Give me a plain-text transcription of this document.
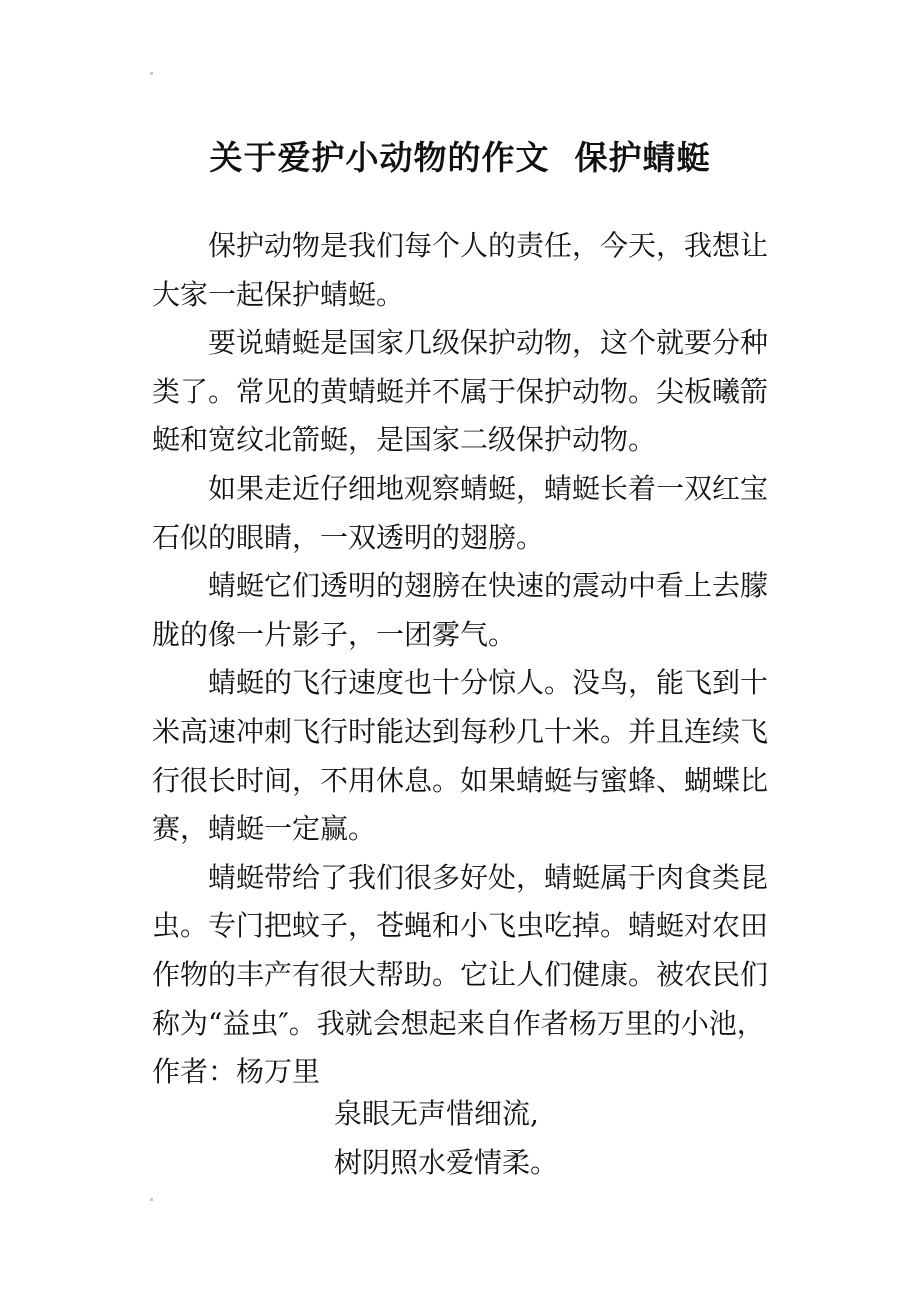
关于爱护小动物的作文  保护蜻蜓

保护动物是我们每个人的责任，今天，我想让大家一起保护蜻蜓。

要说蜻蜓是国家几级保护动物，这个就要分种类了。常见的黄蜻蜓并不属于保护动物。尖板曦箭蜓和宽纹北箭蜓，是国家二级保护动物。

如果走近仔细地观察蜻蜓，蜻蜓长着一双红宝石似的眼睛，一双透明的翅膀。

蜻蜓它们透明的翅膀在快速的震动中看上去朦胧的像一片影子，一团雾气。

蜻蜓的飞行速度也十分惊人。没鸟，能飞到十米高速冲刺飞行时能达到每秒几十米。并且连续飞行很长时间，不用休息。如果蜻蜓与蜜蜂、蝴蝶比赛，蜻蜓一定赢。

蜻蜓带给了我们很多好处，蜻蜓属于肉食类昆虫。专门把蚊子，苍蝇和小飞虫吃掉。蜻蜓对农田作物的丰产有很大帮助。它让人们健康。被农民们称为“益虫″。我就会想起来自作者杨万里的小池，

作者：杨万里

泉眼无声惜细流,

树阴照水爱情柔。
